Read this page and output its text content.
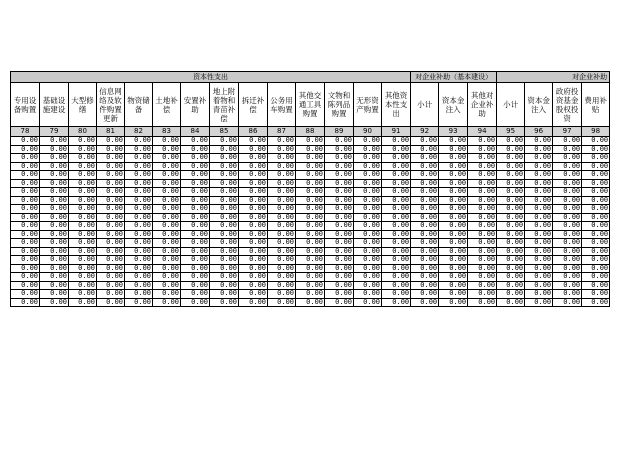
资本性支出														对企业补助（基本建设）			对企业补助			
专用设备购置	基础设施建设	大型修缮	信息网络及软件购置更新	物资储备	土地补偿	安置补助	地上附着物和青苗补偿	拆迁补偿	公务用车购置	其他交通工具购置	文物和陈列品购置	无形资产购置	其他资本性支出	小计	资本金注入	其他对企业补助	小计	资本金注入	政府投资基金股权投资	费用补贴
78	79	80	81	82	83	84	85	86	87	88	89	90	91	92	93	94	95	96	97	98
0.00	0.00	0.00	0.00	0.00	0.00	0.00	0.00	0.00	0.00	0.00	0.00	0.00	0.00	0.00	0.00	0.00	0.00	0.00	0.00	0.00
0.00	0.00	0.00	0.00	0.00	0.00	0.00	0.00	0.00	0.00	0.00	0.00	0.00	0.00	0.00	0.00	0.00	0.00	0.00	0.00	0.00
0.00	0.00	0.00	0.00	0.00	0.00	0.00	0.00	0.00	0.00	0.00	0.00	0.00	0.00	0.00	0.00	0.00	0.00	0.00	0.00	0.00
0.00	0.00	0.00	0.00	0.00	0.00	0.00	0.00	0.00	0.00	0.00	0.00	0.00	0.00	0.00	0.00	0.00	0.00	0.00	0.00	0.00
0.00	0.00	0.00	0.00	0.00	0.00	0.00	0.00	0.00	0.00	0.00	0.00	0.00	0.00	0.00	0.00	0.00	0.00	0.00	0.00	0.00
0.00	0.00	0.00	0.00	0.00	0.00	0.00	0.00	0.00	0.00	0.00	0.00	0.00	0.00	0.00	0.00	0.00	0.00	0.00	0.00	0.00
0.00	0.00	0.00	0.00	0.00	0.00	0.00	0.00	0.00	0.00	0.00	0.00	0.00	0.00	0.00	0.00	0.00	0.00	0.00	0.00	0.00
0.00	0.00	0.00	0.00	0.00	0.00	0.00	0.00	0.00	0.00	0.00	0.00	0.00	0.00	0.00	0.00	0.00	0.00	0.00	0.00	0.00
0.00	0.00	0.00	0.00	0.00	0.00	0.00	0.00	0.00	0.00	0.00	0.00	0.00	0.00	0.00	0.00	0.00	0.00	0.00	0.00	0.00
0.00	0.00	0.00	0.00	0.00	0.00	0.00	0.00	0.00	0.00	0.00	0.00	0.00	0.00	0.00	0.00	0.00	0.00	0.00	0.00	0.00
0.00	0.00	0.00	0.00	0.00	0.00	0.00	0.00	0.00	0.00	0.00	0.00	0.00	0.00	0.00	0.00	0.00	0.00	0.00	0.00	0.00
0.00	0.00	0.00	0.00	0.00	0.00	0.00	0.00	0.00	0.00	0.00	0.00	0.00	0.00	0.00	0.00	0.00	0.00	0.00	0.00	0.00
0.00	0.00	0.00	0.00	0.00	0.00	0.00	0.00	0.00	0.00	0.00	0.00	0.00	0.00	0.00	0.00	0.00	0.00	0.00	0.00	0.00
0.00	0.00	0.00	0.00	0.00	0.00	0.00	0.00	0.00	0.00	0.00	0.00	0.00	0.00	0.00	0.00	0.00	0.00	0.00	0.00	0.00
0.00	0.00	0.00	0.00	0.00	0.00	0.00	0.00	0.00	0.00	0.00	0.00	0.00	0.00	0.00	0.00	0.00	0.00	0.00	0.00	0.00
0.00	0.00	0.00	0.00	0.00	0.00	0.00	0.00	0.00	0.00	0.00	0.00	0.00	0.00	0.00	0.00	0.00	0.00	0.00	0.00	0.00
0.00	0.00	0.00	0.00	0.00	0.00	0.00	0.00	0.00	0.00	0.00	0.00	0.00	0.00	0.00	0.00	0.00	0.00	0.00	0.00	0.00
0.00	0.00	0.00	0.00	0.00	0.00	0.00	0.00	0.00	0.00	0.00	0.00	0.00	0.00	0.00	0.00	0.00	0.00	0.00	0.00	0.00
0.00	0.00	0.00	0.00	0.00	0.00	0.00	0.00	0.00	0.00	0.00	0.00	0.00	0.00	0.00	0.00	0.00	0.00	0.00	0.00	0.00
0.00	0.00	0.00	0.00	0.00	0.00	0.00	0.00	0.00	0.00	0.00	0.00	0.00	0.00	0.00	0.00	0.00	0.00	0.00	0.00	0.00
